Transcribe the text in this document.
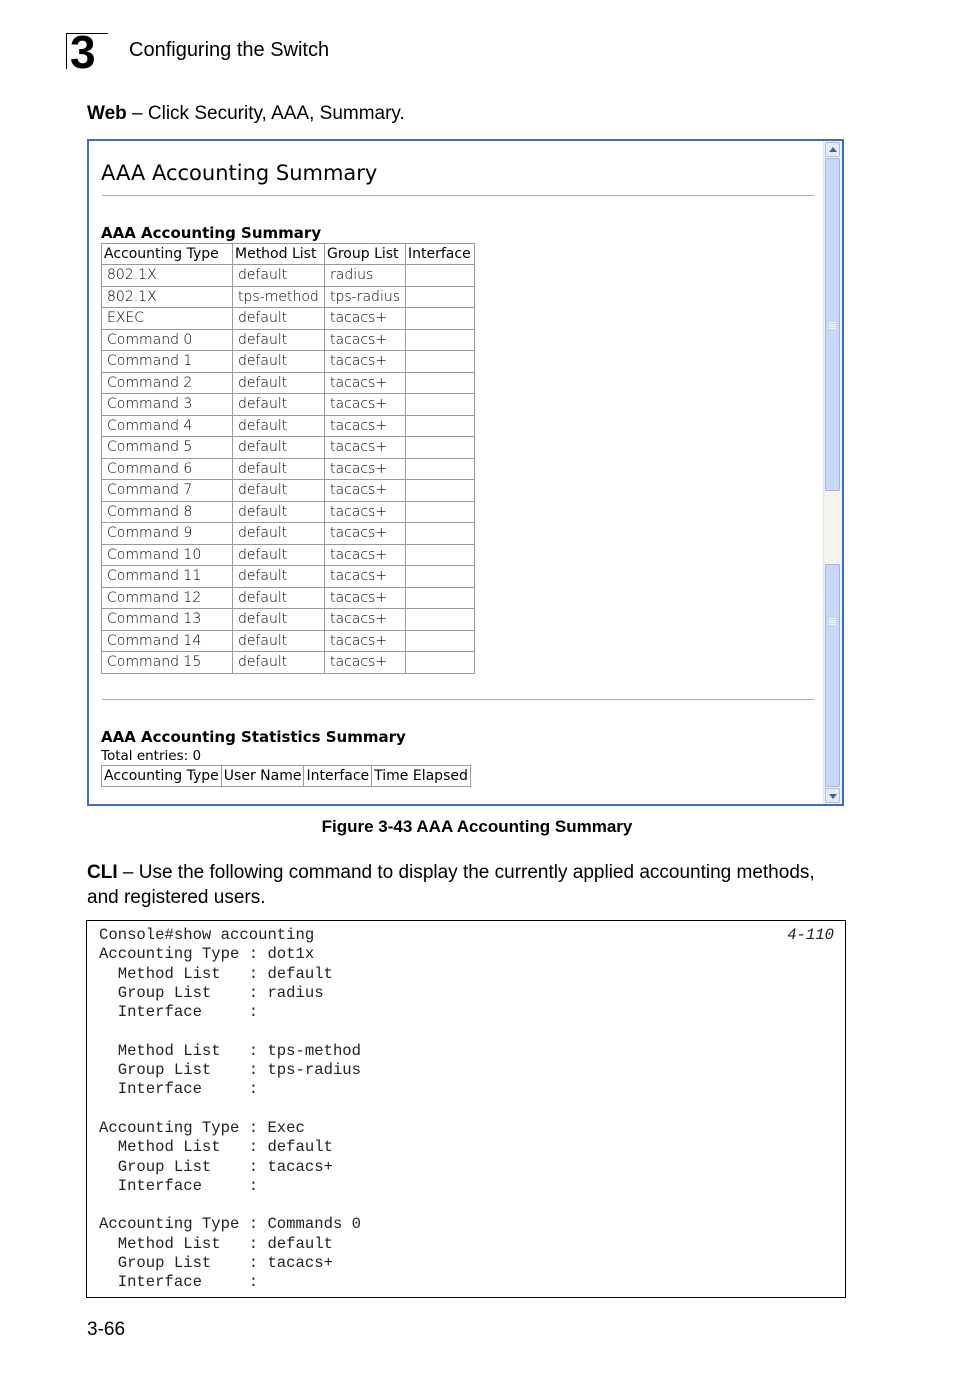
3 Configuring the Switch
Web – Click Security, AAA, Summary.
AAA Accounting Summary
AAA Accounting Summary
Accounting Type	Method List	Group List	Interface
802.1X	default	radius	
802.1X	tps-method	tps-radius	
EXEC	default	tacacs+	
Command 0	default	tacacs+	
Command 1	default	tacacs+	
Command 2	default	tacacs+	
Command 3	default	tacacs+	
Command 4	default	tacacs+	
Command 5	default	tacacs+	
Command 6	default	tacacs+	
Command 7	default	tacacs+	
Command 8	default	tacacs+	
Command 9	default	tacacs+	
Command 10	default	tacacs+	
Command 11	default	tacacs+	
Command 12	default	tacacs+	
Command 13	default	tacacs+	
Command 14	default	tacacs+	
Command 15	default	tacacs+	
AAA Accounting Statistics Summary
Total entries: 0
Accounting Type	User Name	Interface	Time Elapsed
Figure 3-43 AAA Accounting Summary
CLI – Use the following command to display the currently applied accounting methods, and registered users.
Console#show accounting
Accounting Type : dot1x
Method List   : default
Group List    : radius
Interface     :
Method List   : tps-method
Group List    : tps-radius
Interface     :
Accounting Type : Exec
Method List   : default
Group List    : tacacs+
Interface     :
Accounting Type : Commands 0
Method List   : default
Group List    : tacacs+
Interface     :
4-110
3-66
